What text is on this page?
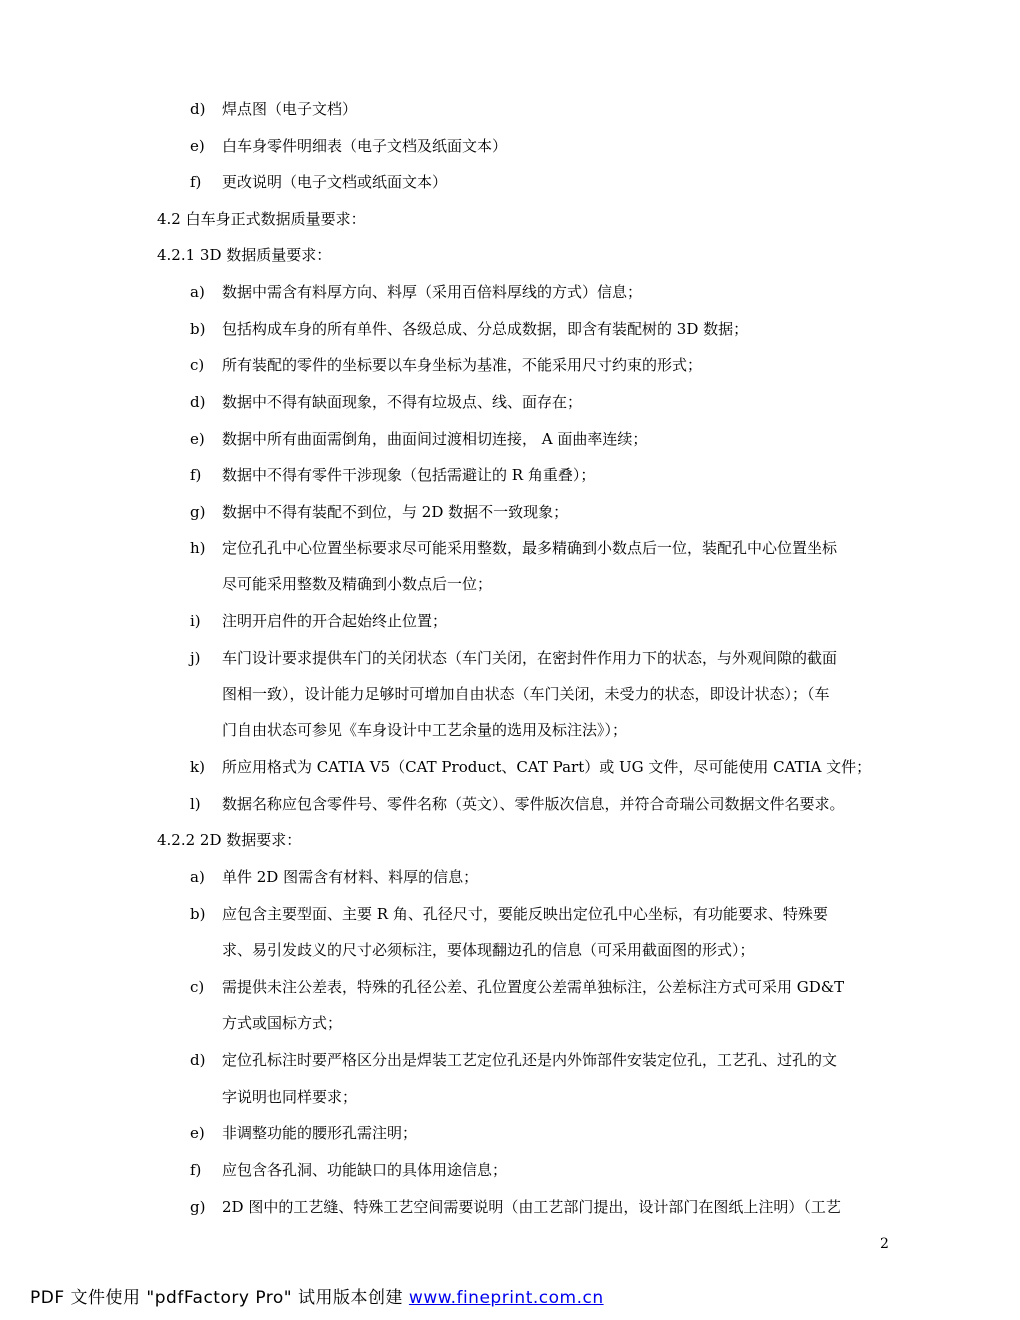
d) 焊点图（电子文档）
e) 白车身零件明细表（电子文档及纸面文本）
f) 更改说明（电子文档或纸面文本）
4.2 白车身正式数据质量要求：
4.2.1 3D 数据质量要求：
a) 数据中需含有料厚方向、料厚（采用百倍料厚线的方式）信息；
b) 包括构成车身的所有单件、各级总成、分总成数据，即含有装配树的 3D 数据；
c) 所有装配的零件的坐标要以车身坐标为基准，不能采用尺寸约束的形式；
d) 数据中不得有缺面现象，不得有垃圾点、线、面存在；
e) 数据中所有曲面需倒角，曲面间过渡相切连接， A 面曲率连续；
f) 数据中不得有零件干涉现象（包括需避让的 R 角重叠）；
g) 数据中不得有装配不到位，与 2D 数据不一致现象；
h) 定位孔孔中心位置坐标要求尽可能采用整数，最多精确到小数点后一位，装配孔中心位置坐标
尽可能采用整数及精确到小数点后一位；
i) 注明开启件的开合起始终止位置；
j) 车门设计要求提供车门的关闭状态（车门关闭，在密封件作用力下的状态，与外观间隙的截面
图相一致），设计能力足够时可增加自由状态（车门关闭，未受力的状态，即设计状态）；（车
门自由状态可参见《车身设计中工艺余量的选用及标注法》）；
k) 所应用格式为 CATIA V5（CAT Product、CAT Part）或 UG 文件，尽可能使用 CATIA 文件；
l) 数据名称应包含零件号、零件名称（英文）、零件版次信息，并符合奇瑞公司数据文件名要求。
4.2.2 2D 数据要求：
a) 单件 2D 图需含有材料、料厚的信息；
b) 应包含主要型面、主要 R 角、孔径尺寸，要能反映出定位孔中心坐标，有功能要求、特殊要
求、易引发歧义的尺寸必须标注，要体现翻边孔的信息（可采用截面图的形式）；
c) 需提供未注公差表，特殊的孔径公差、孔位置度公差需单独标注，公差标注方式可采用 GD&T
方式或国标方式；
d) 定位孔标注时要严格区分出是焊装工艺定位孔还是内外饰部件安装定位孔，工艺孔、过孔的文
字说明也同样要求；
e) 非调整功能的腰形孔需注明；
f) 应包含各孔洞、功能缺口的具体用途信息；
g) 2D 图中的工艺缝、特殊工艺空间需要说明（由工艺部门提出，设计部门在图纸上注明）（工艺
2
PDF 文件使用 "pdfFactory Pro" 试用版本创建 www.fineprint.com.cn
